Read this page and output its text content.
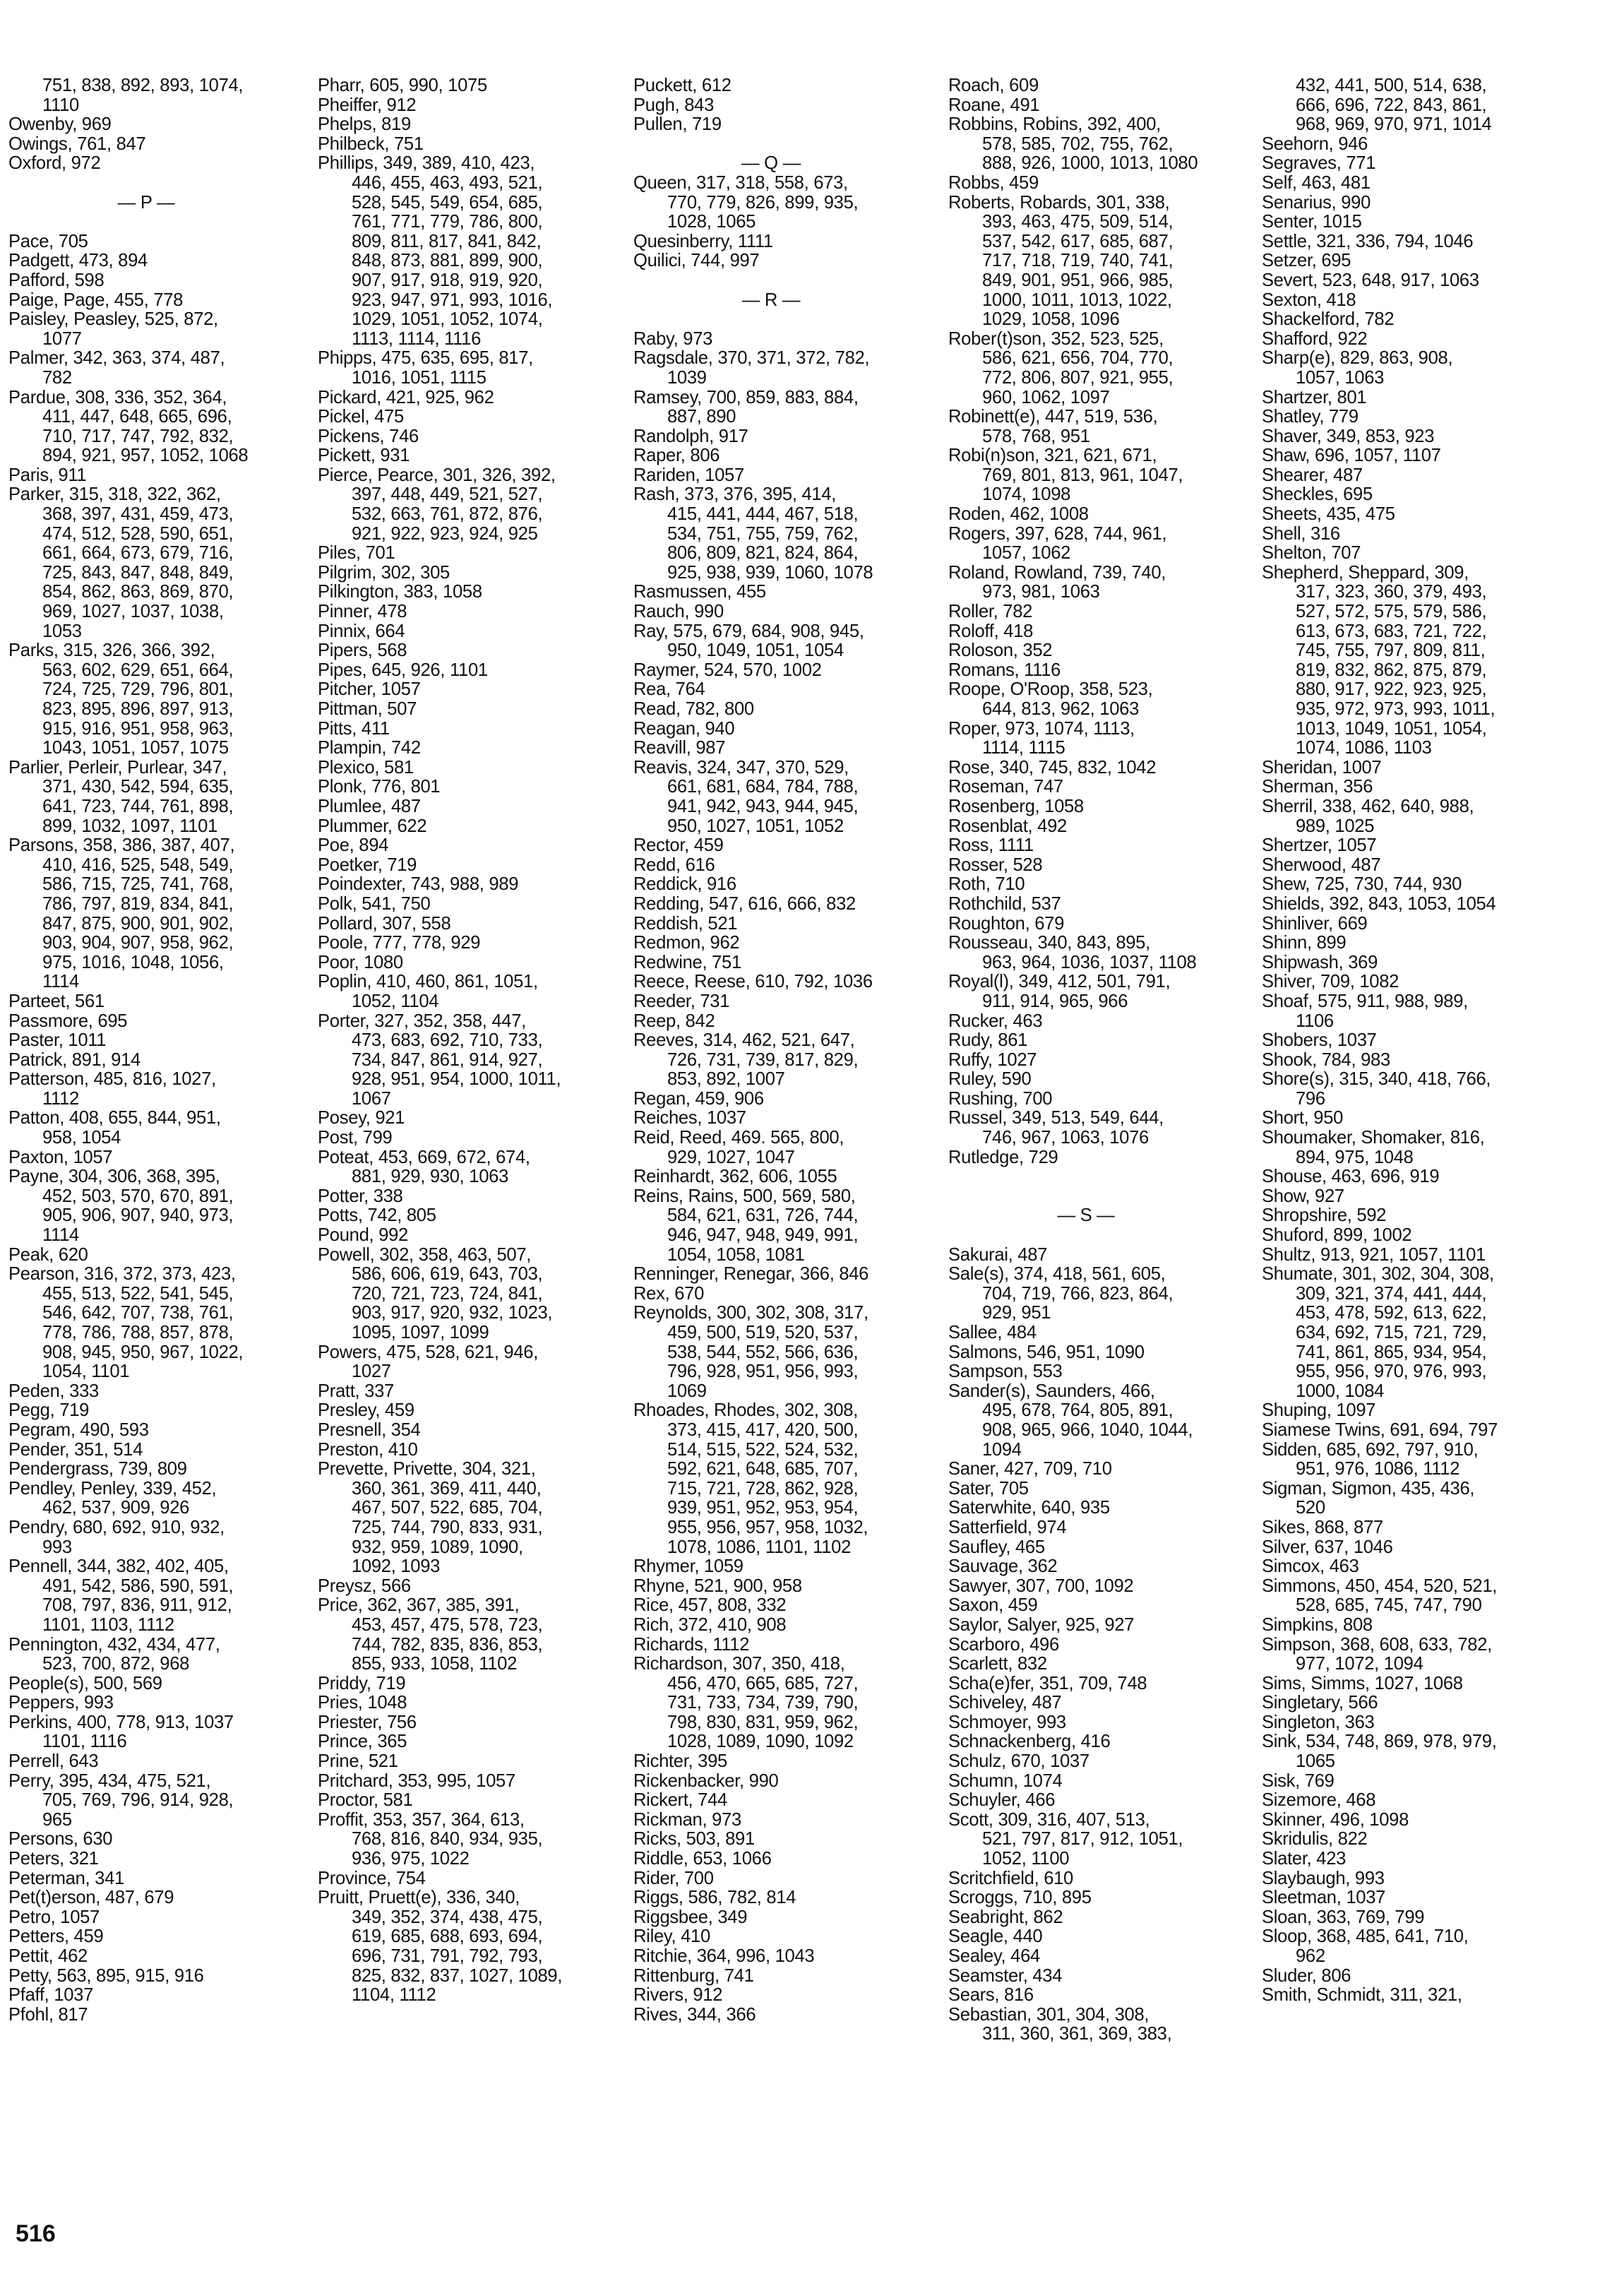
751, 838, 892, 893, 1074,
1110
Owenby, 969
Owings, 761, 847
Oxford, 972
— P —
Pace, 705
Padgett, 473, 894
Pafford, 598
Paige, Page, 455, 778
Paisley, Peasley, 525, 872,
1077
Palmer, 342, 363, 374, 487,
782
Pardue, 308, 336, 352, 364,
411, 447, 648, 665, 696,
710, 717, 747, 792, 832,
894, 921, 957, 1052, 1068
Paris, 911
Parker, 315, 318, 322, 362,
368, 397, 431, 459, 473,
474, 512, 528, 590, 651,
661, 664, 673, 679, 716,
725, 843, 847, 848, 849,
854, 862, 863, 869, 870,
969, 1027, 1037, 1038,
1053
Parks, 315, 326, 366, 392,
563, 602, 629, 651, 664,
724, 725, 729, 796, 801,
823, 895, 896, 897, 913,
915, 916, 951, 958, 963,
1043, 1051, 1057, 1075
Parlier, Perleir, Purlear, 347,
371, 430, 542, 594, 635,
641, 723, 744, 761, 898,
899, 1032, 1097, 1101
Parsons, 358, 386, 387, 407,
410, 416, 525, 548, 549,
586, 715, 725, 741, 768,
786, 797, 819, 834, 841,
847, 875, 900, 901, 902,
903, 904, 907, 958, 962,
975, 1016, 1048, 1056,
1114
Parteet, 561
Passmore, 695
Paster, 1011
Patrick, 891, 914
Patterson, 485, 816, 1027,
1112
Patton, 408, 655, 844, 951,
958, 1054
Paxton, 1057
Payne, 304, 306, 368, 395,
452, 503, 570, 670, 891,
905, 906, 907, 940, 973,
1114
Peak, 620
Pearson, 316, 372, 373, 423,
455, 513, 522, 541, 545,
546, 642, 707, 738, 761,
778, 786, 788, 857, 878,
908, 945, 950, 967, 1022,
1054, 1101
Peden, 333
Pegg, 719
Pegram, 490, 593
Pender, 351, 514
Pendergrass, 739, 809
Pendley, Penley, 339, 452,
462, 537, 909, 926
Pendry, 680, 692, 910, 932,
993
Pennell, 344, 382, 402, 405,
491, 542, 586, 590, 591,
708, 797, 836, 911, 912,
1101, 1103, 1112
Pennington, 432, 434, 477,
523, 700, 872, 968
People(s), 500, 569
Peppers, 993
Perkins, 400, 778, 913, 1037
1101, 1116
Perrell, 643
Perry, 395, 434, 475, 521,
705, 769, 796, 914, 928,
965
Persons, 630
Peters, 321
Peterman, 341
Pet(t)erson, 487, 679
Petro, 1057
Petters, 459
Pettit, 462
Petty, 563, 895, 915, 916
Pfaff, 1037
Pfohl, 817
Pharr, 605, 990, 1075
Pheiffer, 912
Phelps, 819
Philbeck, 751
Phillips, 349, 389, 410, 423,
446, 455, 463, 493, 521,
528, 545, 549, 654, 685,
761, 771, 779, 786, 800,
809, 811, 817, 841, 842,
848, 873, 881, 899, 900,
907, 917, 918, 919, 920,
923, 947, 971, 993, 1016,
1029, 1051, 1052, 1074,
1113, 1114, 1116
Phipps, 475, 635, 695, 817,
1016, 1051, 1115
Pickard, 421, 925, 962
Pickel, 475
Pickens, 746
Pickett, 931
Pierce, Pearce, 301, 326, 392,
397, 448, 449, 521, 527,
532, 663, 761, 872, 876,
921, 922, 923, 924, 925
Piles, 701
Pilgrim, 302, 305
Pilkington, 383, 1058
Pinner, 478
Pinnix, 664
Pipers, 568
Pipes, 645, 926, 1101
Pitcher, 1057
Pittman, 507
Pitts, 411
Plampin, 742
Plexico, 581
Plonk, 776, 801
Plumlee, 487
Plummer, 622
Poe, 894
Poetker, 719
Poindexter, 743, 988, 989
Polk, 541, 750
Pollard, 307, 558
Poole, 777, 778, 929
Poor, 1080
Poplin, 410, 460, 861, 1051,
1052, 1104
Porter, 327, 352, 358, 447,
473, 683, 692, 710, 733,
734, 847, 861, 914, 927,
928, 951, 954, 1000, 1011,
1067
Posey, 921
Post, 799
Poteat, 453, 669, 672, 674,
881, 929, 930, 1063
Potter, 338
Potts, 742, 805
Pound, 992
Powell, 302, 358, 463, 507,
586, 606, 619, 643, 703,
720, 721, 723, 724, 841,
903, 917, 920, 932, 1023,
1095, 1097, 1099
Powers, 475, 528, 621, 946,
1027
Pratt, 337
Presley, 459
Presnell, 354
Preston, 410
Prevette, Privette, 304, 321,
360, 361, 369, 411, 440,
467, 507, 522, 685, 704,
725, 744, 790, 833, 931,
932, 959, 1089, 1090,
1092, 1093
Preysz, 566
Price, 362, 367, 385, 391,
453, 457, 475, 578, 723,
744, 782, 835, 836, 853,
855, 933, 1058, 1102
Priddy, 719
Pries, 1048
Priester, 756
Prince, 365
Prine, 521
Pritchard, 353, 995, 1057
Proctor, 581
Proffit, 353, 357, 364, 613,
768, 816, 840, 934, 935,
936, 975, 1022
Province, 754
Pruitt, Pruett(e), 336, 340,
349, 352, 374, 438, 475,
619, 685, 688, 693, 694,
696, 731, 791, 792, 793,
825, 832, 837, 1027, 1089,
1104, 1112
Puckett, 612
Pugh, 843
Pullen, 719
— Q —
Queen, 317, 318, 558, 673,
770, 779, 826, 899, 935,
1028, 1065
Quesinberry, 1111
Quilici, 744, 997
— R —
Raby, 973
Ragsdale, 370, 371, 372, 782,
1039
Ramsey, 700, 859, 883, 884,
887, 890
Randolph, 917
Raper, 806
Rariden, 1057
Rash, 373, 376, 395, 414,
415, 441, 444, 467, 518,
534, 751, 755, 759, 762,
806, 809, 821, 824, 864,
925, 938, 939, 1060, 1078
Rasmussen, 455
Rauch, 990
Ray, 575, 679, 684, 908, 945,
950, 1049, 1051, 1054
Raymer, 524, 570, 1002
Rea, 764
Read, 782, 800
Reagan, 940
Reavill, 987
Reavis, 324, 347, 370, 529,
661, 681, 684, 784, 788,
941, 942, 943, 944, 945,
950, 1027, 1051, 1052
Rector, 459
Redd, 616
Reddick, 916
Redding, 547, 616, 666, 832
Reddish, 521
Redmon, 962
Redwine, 751
Reece, Reese, 610, 792, 1036
Reeder, 731
Reep, 842
Reeves, 314, 462, 521, 647,
726, 731, 739, 817, 829,
853, 892, 1007
Regan, 459, 906
Reiches, 1037
Reid, Reed, 469. 565, 800,
929, 1027, 1047
Reinhardt, 362, 606, 1055
Reins, Rains, 500, 569, 580,
584, 621, 631, 726, 744,
946, 947, 948, 949, 991,
1054, 1058, 1081
Renninger, Renegar, 366, 846
Rex, 670
Reynolds, 300, 302, 308, 317,
459, 500, 519, 520, 537,
538, 544, 552, 566, 636,
796, 928, 951, 956, 993,
1069
Rhoades, Rhodes, 302, 308,
373, 415, 417, 420, 500,
514, 515, 522, 524, 532,
592, 621, 648, 685, 707,
715, 721, 728, 862, 928,
939, 951, 952, 953, 954,
955, 956, 957, 958, 1032,
1078, 1086, 1101, 1102
Rhymer, 1059
Rhyne, 521, 900, 958
Rice, 457, 808, 332
Rich, 372, 410, 908
Richards, 1112
Richardson, 307, 350, 418,
456, 470, 665, 685, 727,
731, 733, 734, 739, 790,
798, 830, 831, 959, 962,
1028, 1089, 1090, 1092
Richter, 395
Rickenbacker, 990
Rickert, 744
Rickman, 973
Ricks, 503, 891
Riddle, 653, 1066
Rider, 700
Riggs, 586, 782, 814
Riggsbee, 349
Riley, 410
Ritchie, 364, 996, 1043
Rittenburg, 741
Rivers, 912
Rives, 344, 366
Roach, 609
Roane, 491
Robbins, Robins, 392, 400,
578, 585, 702, 755, 762,
888, 926, 1000, 1013, 1080
Robbs, 459
Roberts, Robards, 301, 338,
393, 463, 475, 509, 514,
537, 542, 617, 685, 687,
717, 718, 719, 740, 741,
849, 901, 951, 966, 985,
1000, 1011, 1013, 1022,
1029, 1058, 1096
Rober(t)son, 352, 523, 525,
586, 621, 656, 704, 770,
772, 806, 807, 921, 955,
960, 1062, 1097
Robinett(e), 447, 519, 536,
578, 768, 951
Robi(n)son, 321, 621, 671,
769, 801, 813, 961, 1047,
1074, 1098
Roden, 462, 1008
Rogers, 397, 628, 744, 961,
1057, 1062
Roland, Rowland, 739, 740,
973, 981, 1063
Roller, 782
Roloff, 418
Roloson, 352
Romans, 1116
Roope, O'Roop, 358, 523,
644, 813, 962, 1063
Roper, 973, 1074, 1113,
1114, 1115
Rose, 340, 745, 832, 1042
Roseman, 747
Rosenberg, 1058
Rosenblat, 492
Ross, 1111
Rosser, 528
Roth, 710
Rothchild, 537
Roughton, 679
Rousseau, 340, 843, 895,
963, 964, 1036, 1037, 1108
Royal(l), 349, 412, 501, 791,
911, 914, 965, 966
Rucker, 463
Rudy, 861
Ruffy, 1027
Ruley, 590
Rushing, 700
Russel, 349, 513, 549, 644,
746, 967, 1063, 1076
Rutledge, 729
— S —
Sakurai, 487
Sale(s), 374, 418, 561, 605,
704, 719, 766, 823, 864,
929, 951
Sallee, 484
Salmons, 546, 951, 1090
Sampson, 553
Sander(s), Saunders, 466,
495, 678, 764, 805, 891,
908, 965, 966, 1040, 1044,
1094
Saner, 427, 709, 710
Sater, 705
Saterwhite, 640, 935
Satterfield, 974
Saufley, 465
Sauvage, 362
Sawyer, 307, 700, 1092
Saxon, 459
Saylor, Salyer, 925, 927
Scarboro, 496
Scarlett, 832
Scha(e)fer, 351, 709, 748
Schiveley, 487
Schmoyer, 993
Schnackenberg, 416
Schulz, 670, 1037
Schumn, 1074
Schuyler, 466
Scott, 309, 316, 407, 513,
521, 797, 817, 912, 1051,
1052, 1100
Scritchfield, 610
Scroggs, 710, 895
Seabright, 862
Seagle, 440
Sealey, 464
Seamster, 434
Sears, 816
Sebastian, 301, 304, 308,
311, 360, 361, 369, 383,
432, 441, 500, 514, 638,
666, 696, 722, 843, 861,
968, 969, 970, 971, 1014
Seehorn, 946
Segraves, 771
Self, 463, 481
Senarius, 990
Senter, 1015
Settle, 321, 336, 794, 1046
Setzer, 695
Severt, 523, 648, 917, 1063
Sexton, 418
Shackelford, 782
Shafford, 922
Sharp(e), 829, 863, 908,
1057, 1063
Shartzer, 801
Shatley, 779
Shaver, 349, 853, 923
Shaw, 696, 1057, 1107
Shearer, 487
Sheckles, 695
Sheets, 435, 475
Shell, 316
Shelton, 707
Shepherd, Sheppard, 309,
317, 323, 360, 379, 493,
527, 572, 575, 579, 586,
613, 673, 683, 721, 722,
745, 755, 797, 809, 811,
819, 832, 862, 875, 879,
880, 917, 922, 923, 925,
935, 972, 973, 993, 1011,
1013, 1049, 1051, 1054,
1074, 1086, 1103
Sheridan, 1007
Sherman, 356
Sherril, 338, 462, 640, 988,
989, 1025
Shertzer, 1057
Sherwood, 487
Shew, 725, 730, 744, 930
Shields, 392, 843, 1053, 1054
Shinliver, 669
Shinn, 899
Shipwash, 369
Shiver, 709, 1082
Shoaf, 575, 911, 988, 989,
1106
Shobers, 1037
Shook, 784, 983
Shore(s), 315, 340, 418, 766,
796
Short, 950
Shoumaker, Shomaker, 816,
894, 975, 1048
Shouse, 463, 696, 919
Show, 927
Shropshire, 592
Shuford, 899, 1002
Shultz, 913, 921, 1057, 1101
Shumate, 301, 302, 304, 308,
309, 321, 374, 441, 444,
453, 478, 592, 613, 622,
634, 692, 715, 721, 729,
741, 861, 865, 934, 954,
955, 956, 970, 976, 993,
1000, 1084
Shuping, 1097
Siamese Twins, 691, 694, 797
Sidden, 685, 692, 797, 910,
951, 976, 1086, 1112
Sigman, Sigmon, 435, 436,
520
Sikes, 868, 877
Silver, 637, 1046
Simcox, 463
Simmons, 450, 454, 520, 521,
528, 685, 745, 747, 790
Simpkins, 808
Simpson, 368, 608, 633, 782,
977, 1072, 1094
Sims, Simms, 1027, 1068
Singletary, 566
Singleton, 363
Sink, 534, 748, 869, 978, 979,
1065
Sisk, 769
Sizemore, 468
Skinner, 496, 1098
Skridulis, 822
Slater, 423
Slaybaugh, 993
Sleetman, 1037
Sloan, 363, 769, 799
Sloop, 368, 485, 641, 710,
962
Sluder, 806
Smith, Schmidt, 311, 321,
516
